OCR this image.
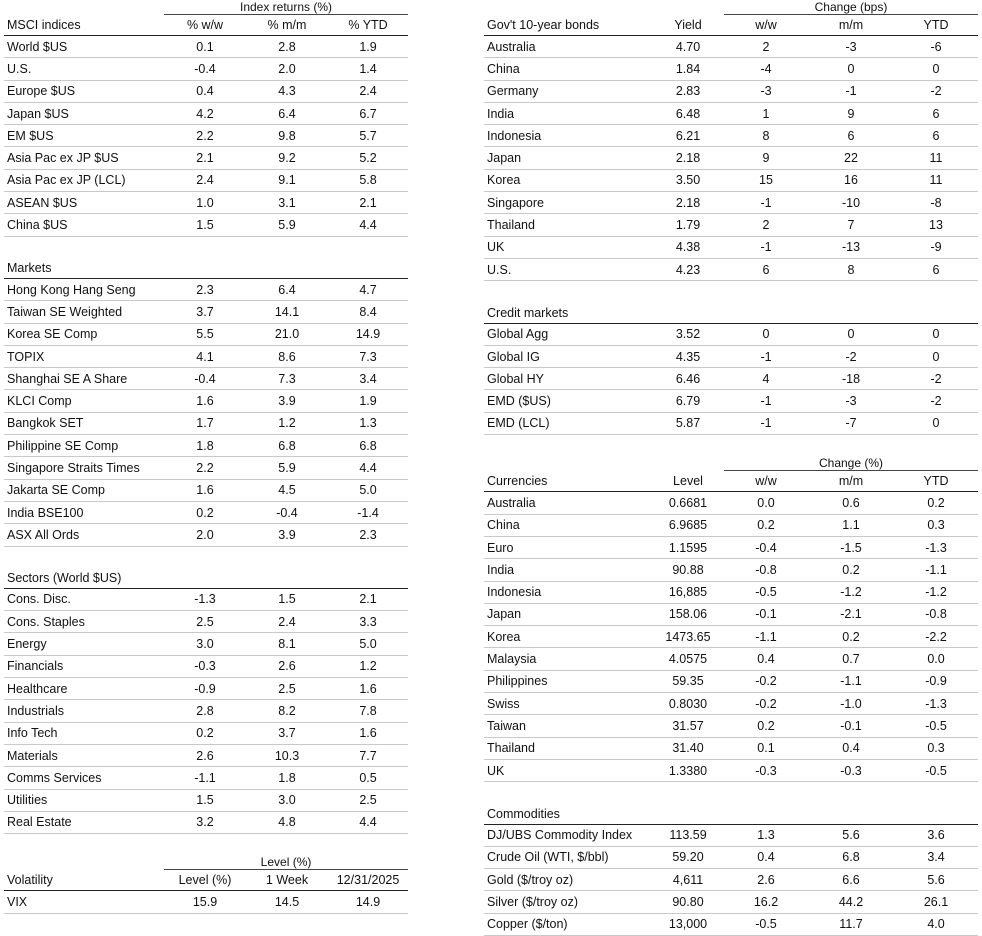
	Index returns (%)		
MSCI indices	% w/w	% m/m	% YTD
World $US	0.1	2.8	1.9
U.S.	-0.4	2.0	1.4
Europe $US	0.4	4.3	2.4
Japan $US	4.2	6.4	6.7
EM $US	2.2	9.8	5.7
Asia Pac ex JP $US	2.1	9.2	5.2
Asia Pac ex JP (LCL)	2.4	9.1	5.8
ASEAN $US	1.0	3.1	2.1
China $US	1.5	5.9	4.4

Markets			
Hong Kong Hang Seng	2.3	6.4	4.7
Taiwan SE Weighted	3.7	14.1	8.4
Korea SE Comp	5.5	21.0	14.9
TOPIX	4.1	8.6	7.3
Shanghai SE A Share	-0.4	7.3	3.4
KLCI Comp	1.6	3.9	1.9
Bangkok SET	1.7	1.2	1.3
Philippine SE Comp	1.8	6.8	6.8
Singapore Straits Times	2.2	5.9	4.4
Jakarta SE Comp	1.6	4.5	5.0
India BSE100	0.2	-0.4	-1.4
ASX All Ords	2.0	3.9	2.3

Sectors (World $US)			
Cons. Disc.	-1.3	1.5	2.1
Cons. Staples	2.5	2.4	3.3
Energy	3.0	8.1	5.0
Financials	-0.3	2.6	1.2
Healthcare	-0.9	2.5	1.6
Industrials	2.8	8.2	7.8
Info Tech	0.2	3.7	1.6
Materials	2.6	10.3	7.7
Comms Services	-1.1	1.8	0.5
Utilities	1.5	3.0	2.5
Real Estate	3.2	4.8	4.4

	Level (%)		
Volatility	Level (%)	1 Week	12/31/2025
VIX	15.9	14.5	14.9
		Change (bps)		
Gov't 10-year bonds	Yield	w/w	m/m	YTD
Australia	4.70	2	-3	-6
China	1.84	-4	0	0
Germany	2.83	-3	-1	-2
India	6.48	1	9	6
Indonesia	6.21	8	6	6
Japan	2.18	9	22	11
Korea	3.50	15	16	11
Singapore	2.18	-1	-10	-8
Thailand	1.79	2	7	13
UK	4.38	-1	-13	-9
U.S.	4.23	6	8	6

Credit markets				
Global Agg	3.52	0	0	0
Global IG	4.35	-1	-2	0
Global HY	6.46	4	-18	-2
EMD ($US)	6.79	-1	-3	-2
EMD (LCL)	5.87	-1	-7	0

		Change (%)		
Currencies	Level	w/w	m/m	YTD
Australia	0.6681	0.0	0.6	0.2
China	6.9685	0.2	1.1	0.3
Euro	1.1595	-0.4	-1.5	-1.3
India	90.88	-0.8	0.2	-1.1
Indonesia	16,885	-0.5	-1.2	-1.2
Japan	158.06	-0.1	-2.1	-0.8
Korea	1473.65	-1.1	0.2	-2.2
Malaysia	4.0575	0.4	0.7	0.0
Philippines	59.35	-0.2	-1.1	-0.9
Swiss	0.8030	-0.2	-1.0	-1.3
Taiwan	31.57	0.2	-0.1	-0.5
Thailand	31.40	0.1	0.4	0.3
UK	1.3380	-0.3	-0.3	-0.5

Commodities				
DJ/UBS Commodity Index	113.59	1.3	5.6	3.6
Crude Oil (WTI, $/bbl)	59.20	0.4	6.8	3.4
Gold ($/troy oz)	4,611	2.6	6.6	5.6
Silver ($/troy oz)	90.80	16.2	44.2	26.1
Copper ($/ton)	13,000	-0.5	11.7	4.0
